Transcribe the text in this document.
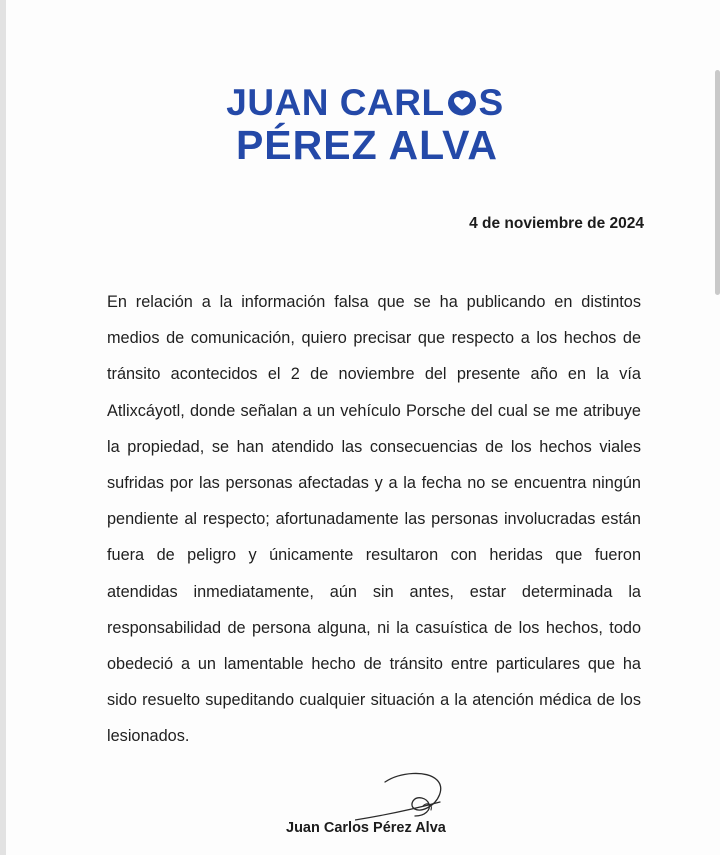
JUAN CARL S
PÉREZ ALVA
4 de noviembre de 2024
En relación a la información falsa que se ha publicando en distintos medios de comunicación, quiero precisar que respecto a los hechos de tránsito acontecidos el 2 de noviembre del presente año en la vía Atlixcáyotl, donde señalan a un vehículo Porsche del cual se me atribuye la propiedad, se han atendido las consecuencias de los hechos viales sufridas por las personas afectadas y a la fecha no se encuentra ningún pendiente al respecto; afortunadamente las personas involucradas están fuera de peligro y únicamente resultaron con heridas que fueron atendidas inmediatamente, aún sin antes, estar determinada la responsabilidad de persona alguna, ni la casuística de los hechos, todo obedeció a un lamentable hecho de tránsito entre particulares que ha sido resuelto supeditando cualquier situación a la atención médica de los lesionados.
Juan Carlos Pérez Alva
